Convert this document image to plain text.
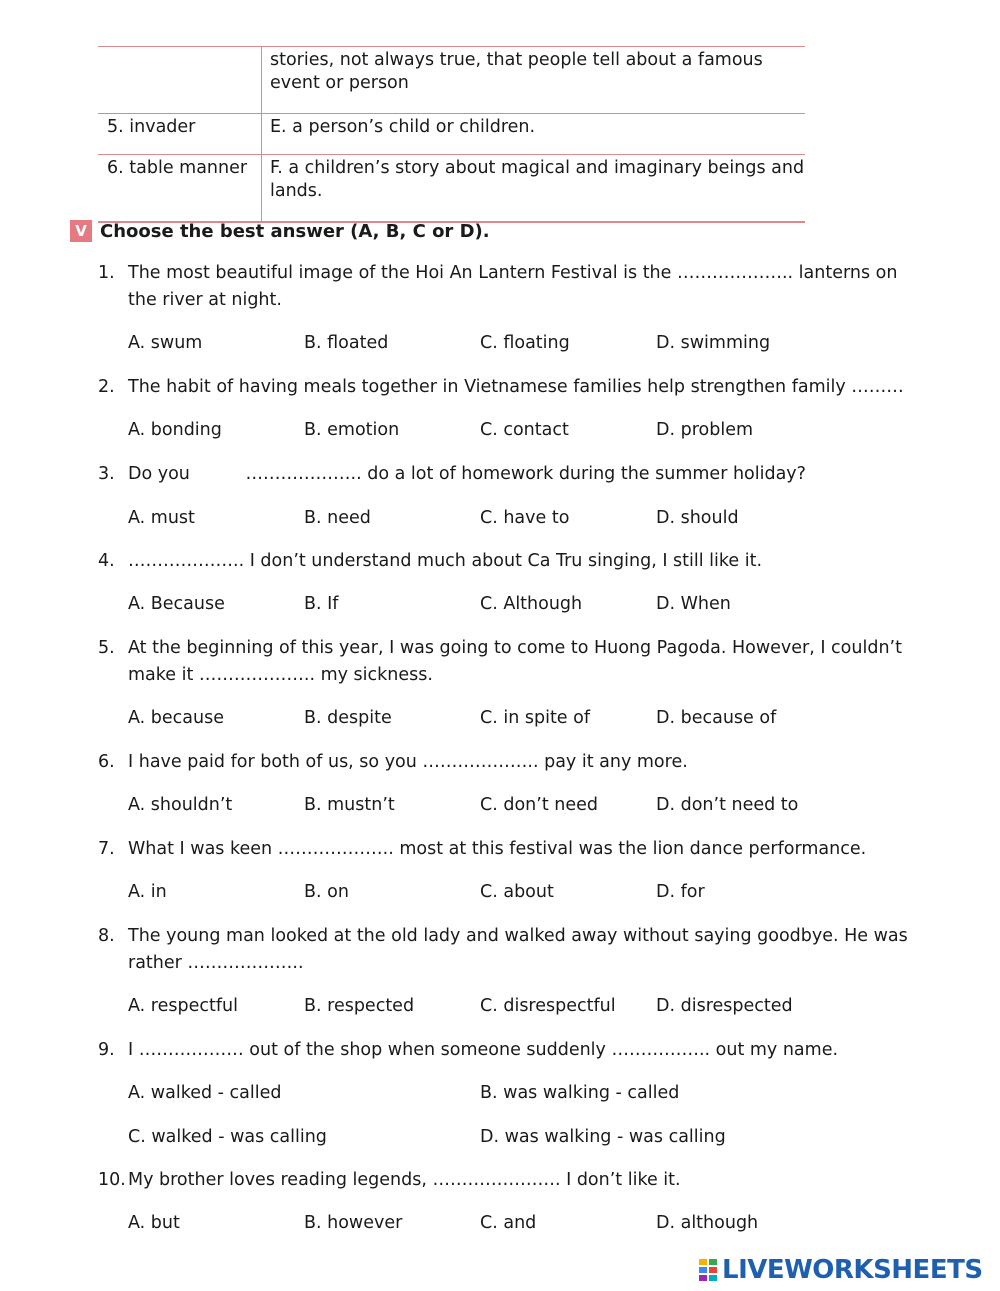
	stories, not always true, that people tell about a famous event or person
5. invader	E. a person’s child or children.
6. table manner	F. a children’s story about magical and imaginary beings and lands.
V Choose the best answer (A, B, C or D).
1. The most beautiful image of the Hoi An Lantern Festival is the ……………….. lanterns on the river at night.
A. swum	B. floated	C. floating	D. swimming
2. The habit of having meals together in Vietnamese families help strengthen family ………
A. bonding	B. emotion	C. contact	D. problem
3. Do you          ……………….. do a lot of homework during the summer holiday?
A. must	B. need	C. have to	D. should
4. ……………….. I don’t understand much about Ca Tru singing, I still like it.
A. Because	B. If	C. Although	D. When
5. At the beginning of this year, I was going to come to Huong Pagoda. However, I couldn’t make it ……………….. my sickness.
A. because	B. despite	C. in spite of	D. because of
6. I have paid for both of us, so you ……………….. pay it any more.
A. shouldn’t	B. mustn’t	C. don’t need	D. don’t need to
7. What I was keen ……………….. most at this festival was the lion dance performance.
A. in	B. on	C. about	D. for
8. The young man looked at the old lady and walked away without saying goodbye. He was rather ………………..
A. respectful	B. respected	C. disrespectful D. disrespected
9. I ……………… out of the shop when someone suddenly …………….. out my name.
A. walked - called	B. was walking - called
C. walked - was calling	D. was walking - was calling
10. My brother loves reading legends, …………………. I don’t like it.
A. but	B. however	C. and	D. although
LIVEWORKSHEETS
